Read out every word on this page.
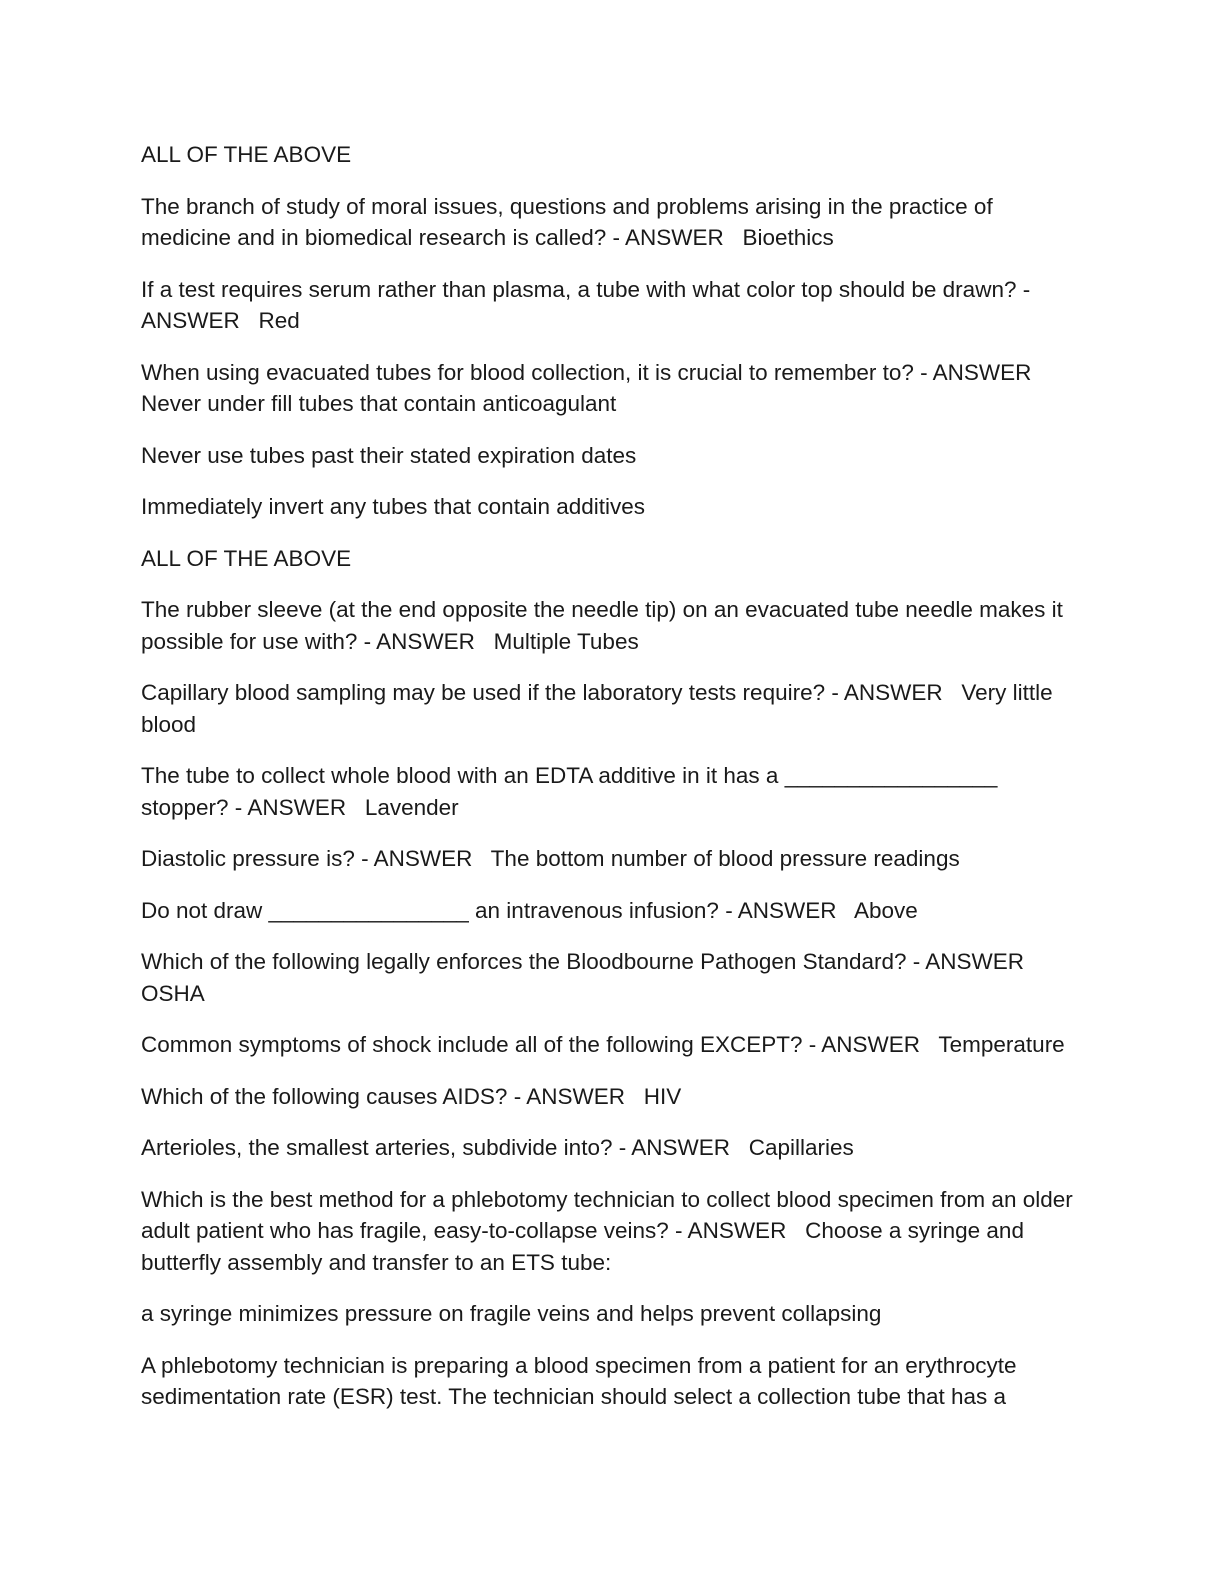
ALL OF THE ABOVE

The branch of study of moral issues, questions and problems arising in the practice of medicine and in biomedical research is called? - ANSWER   Bioethics

If a test requires serum rather than plasma, a tube with what color top should be drawn? - ANSWER   Red

When using evacuated tubes for blood collection, it is crucial to remember to? - ANSWER   Never under fill tubes that contain anticoagulant

Never use tubes past their stated expiration dates

Immediately invert any tubes that contain additives

ALL OF THE ABOVE

The rubber sleeve (at the end opposite the needle tip) on an evacuated tube needle makes it possible for use with? - ANSWER   Multiple Tubes

Capillary blood sampling may be used if the laboratory tests require? - ANSWER   Very little blood

The tube to collect whole blood with an EDTA additive in it has a _________________ stopper? - ANSWER   Lavender

Diastolic pressure is? - ANSWER   The bottom number of blood pressure readings

Do not draw ________________ an intravenous infusion? - ANSWER   Above

Which of the following legally enforces the Bloodbourne Pathogen Standard? - ANSWER   OSHA

Common symptoms of shock include all of the following EXCEPT? - ANSWER   Temperature

Which of the following causes AIDS? - ANSWER   HIV

Arterioles, the smallest arteries, subdivide into? - ANSWER   Capillaries

Which is the best method for a phlebotomy technician to collect blood specimen from an older adult patient who has fragile, easy-to-collapse veins? - ANSWER   Choose a syringe and butterfly assembly and transfer to an ETS tube:

a syringe minimizes pressure on fragile veins and helps prevent collapsing

A phlebotomy technician is preparing a blood specimen from a patient for an erythrocyte sedimentation rate (ESR) test. The technician should select a collection tube that has a
